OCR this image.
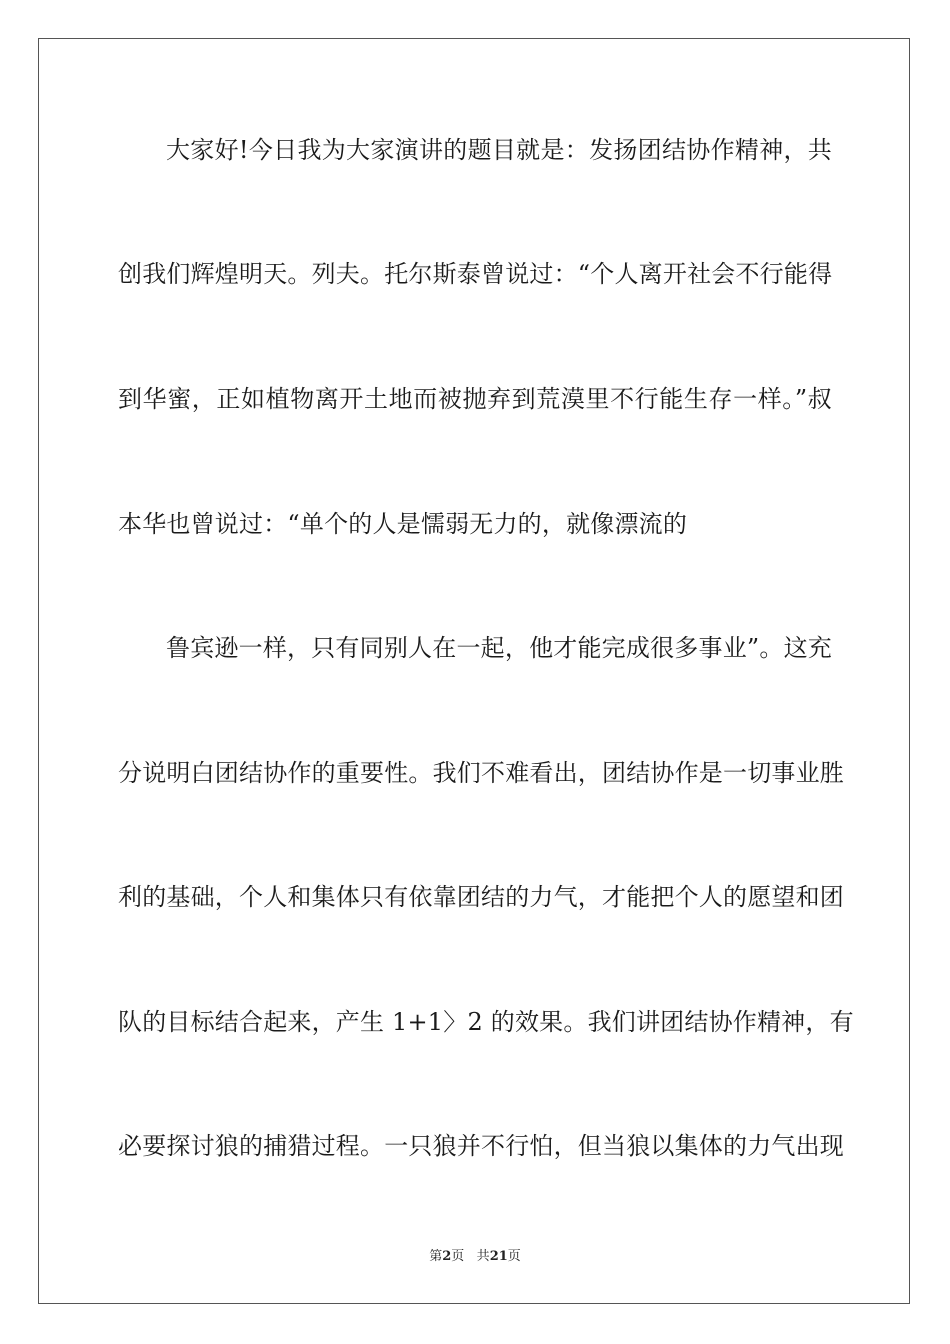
大家好!今日我为大家演讲的题目就是：发扬团结协作精神，共
创我们辉煌明天。列夫。托尔斯泰曾说过：“个人离开社会不行能得
到华蜜，正如植物离开土地而被抛弃到荒漠里不行能生存一样。”叔
本华也曾说过：“单个的人是懦弱无力的，就像漂流的
鲁宾逊一样，只有同别人在一起，他才能完成很多事业”。这充
分说明白团结协作的重要性。我们不难看出，团结协作是一切事业胜
利的基础，个人和集体只有依靠团结的力气，才能把个人的愿望和团
队的目标结合起来，产生 1+1〉2 的效果。我们讲团结协作精神，有
必要探讨狼的捕猎过程。一只狼并不行怕，但当狼以集体的力气出现
第2页 共21页
